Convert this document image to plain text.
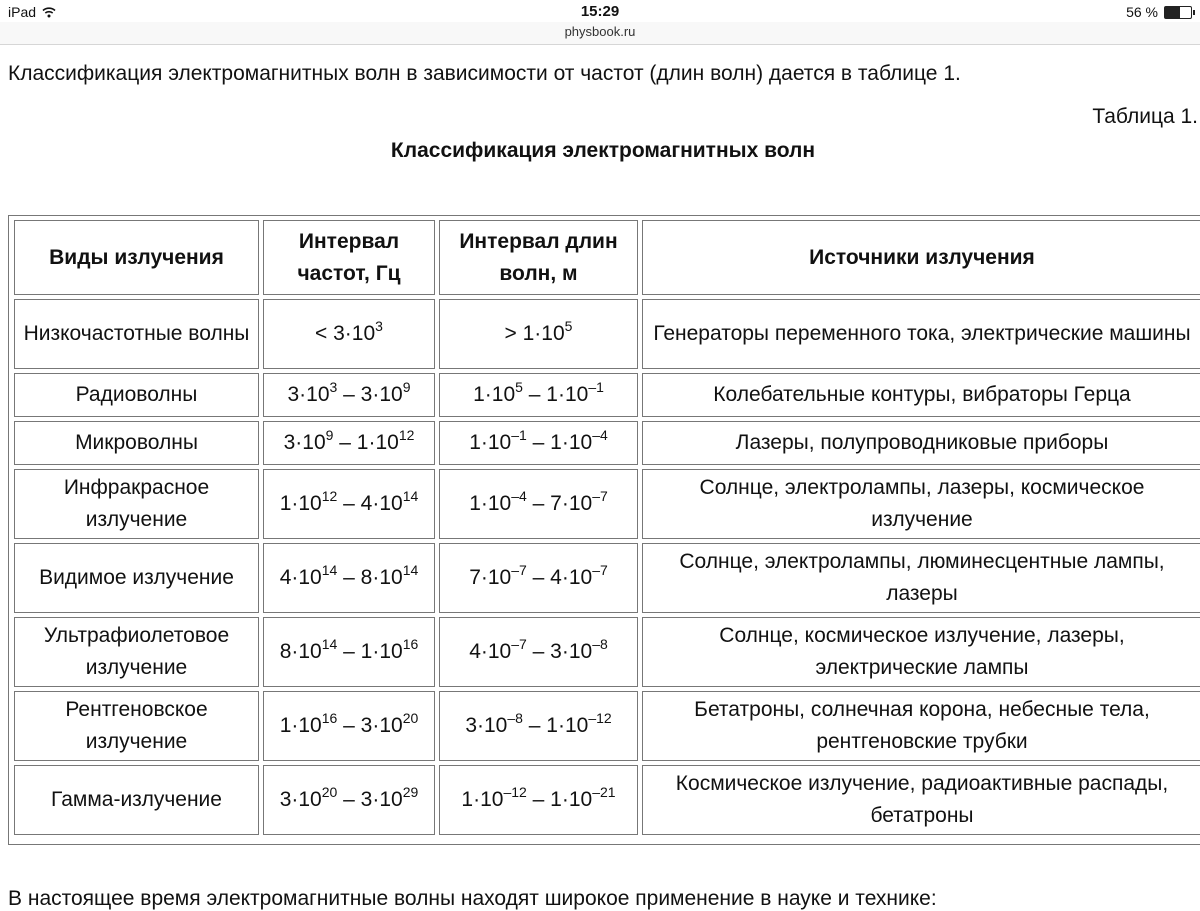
iPad	15:29	56 %
physbook.ru
Классификация электромагнитных волн в зависимости от частот (длин волн) дается в таблице 1.
Таблица 1.
Классификация электромагнитных волн
Виды излучения	Интервал частот, Гц	Интервал длин волн, м	Источники излучения
Низкочастотные волны	< $3\cdot 10^3$	> $1\cdot 10^5$	Генераторы переменного тока, электрические машины
Радиоволны	$3\cdot 10^3 - 3\cdot 10^9$	$1\cdot 10^5 - 1\cdot 10^{-1}$	Колебательные контуры, вибраторы Герца
Микроволны	$3\cdot 10^9 - 1\cdot 10^{12}$	$1\cdot 10^{-1} - 1\cdot 10^{-4}$	Лазеры, полупроводниковые приборы
Инфракрасное излучение	$1\cdot 10^{12} - 4\cdot 10^{14}$	$1\cdot 10^{-4} - 7\cdot 10^{-7}$	Солнце, электролампы, лазеры, космическое излучение
Видимое излучение	$4\cdot 10^{14} - 8\cdot 10^{14}$	$7\cdot 10^{-7} - 4\cdot 10^{-7}$	Солнце, электролампы, люминесцентные лампы, лазеры
Ультрафиолетовое излучение	$8\cdot 10^{14} - 1\cdot 10^{16}$	$4\cdot 10^{-7} - 3\cdot 10^{-8}$	Солнце, космическое излучение, лазеры, электрические лампы
Рентгеновское излучение	$1\cdot 10^{16} - 3\cdot 10^{20}$	$3\cdot 10^{-8} - 1\cdot 10^{-12}$	Бетатроны, солнечная корона, небесные тела, рентгеновские трубки
Гамма-излучение	$3\cdot 10^{20} - 3\cdot 10^{29}$	$1\cdot 10^{-12} - 1\cdot 10^{-21}$	Космическое излучение, радиоактивные распады, бетатроны
В настоящее время электромагнитные волны находят широкое применение в науке и технике:
